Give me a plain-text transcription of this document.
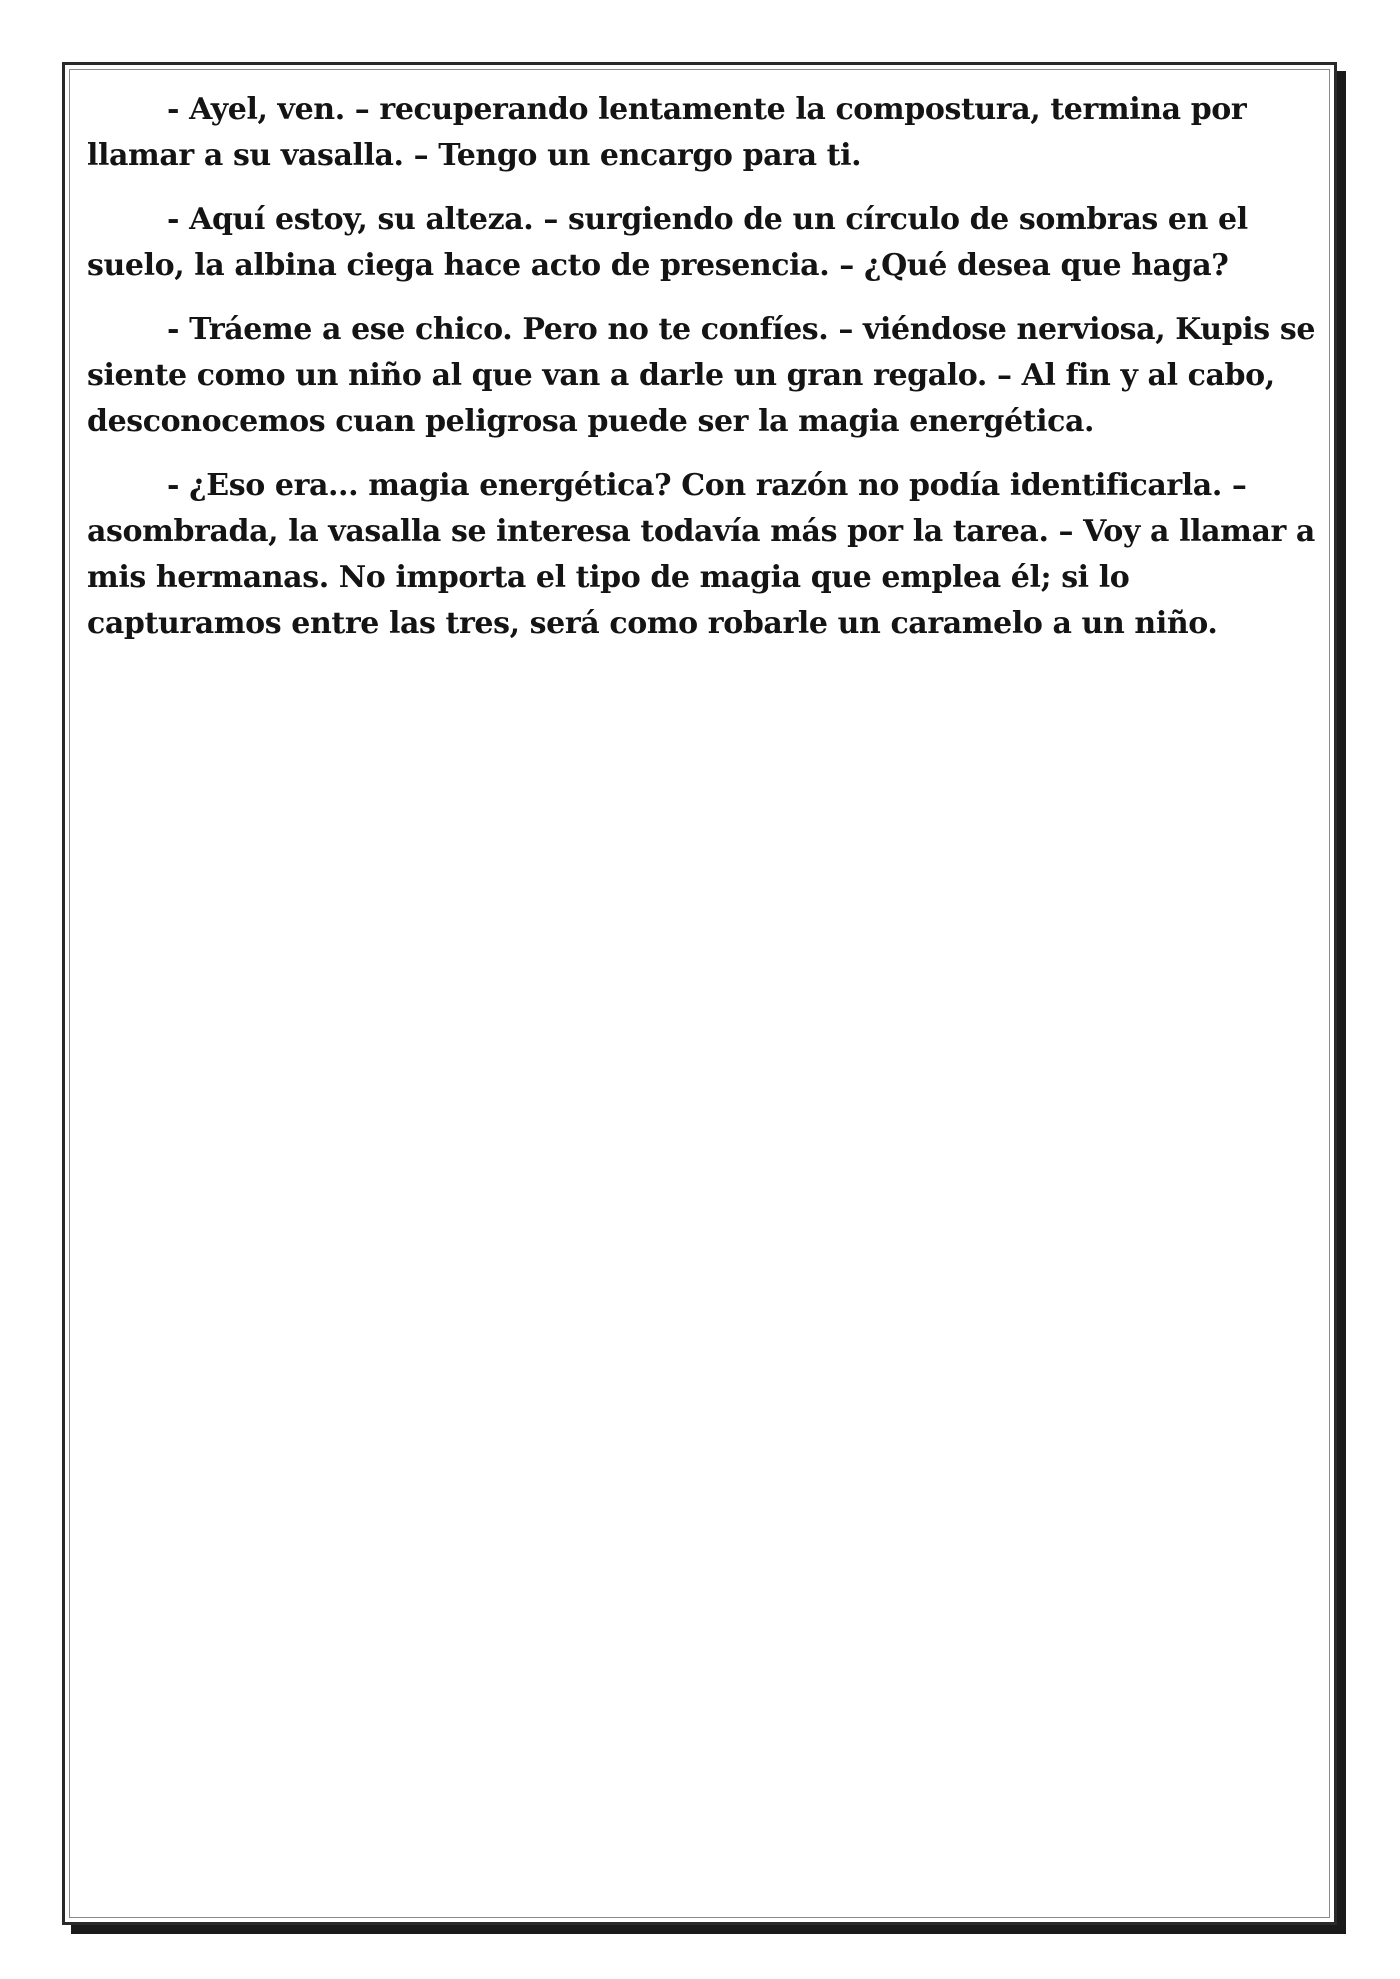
- Ayel, ven. – recuperando lentamente la compostura, termina por llamar a su vasalla. – Tengo un encargo para ti.

- Aquí estoy, su alteza. – surgiendo de un círculo de sombras en el suelo, la albina ciega hace acto de presencia. – ¿Qué desea que haga?

- Tráeme a ese chico. Pero no te confíes. – viéndose nerviosa, Kupis se siente como un niño al que van a darle un gran regalo. – Al fin y al cabo, desconocemos cuan peligrosa puede ser la magia energética.

- ¿Eso era... magia energética? Con razón no podía identificarla. – asombrada, la vasalla se interesa todavía más por la tarea. – Voy a llamar a mis hermanas. No importa el tipo de magia que emplea él; si lo capturamos entre las tres, será como robarle un caramelo a un niño.
